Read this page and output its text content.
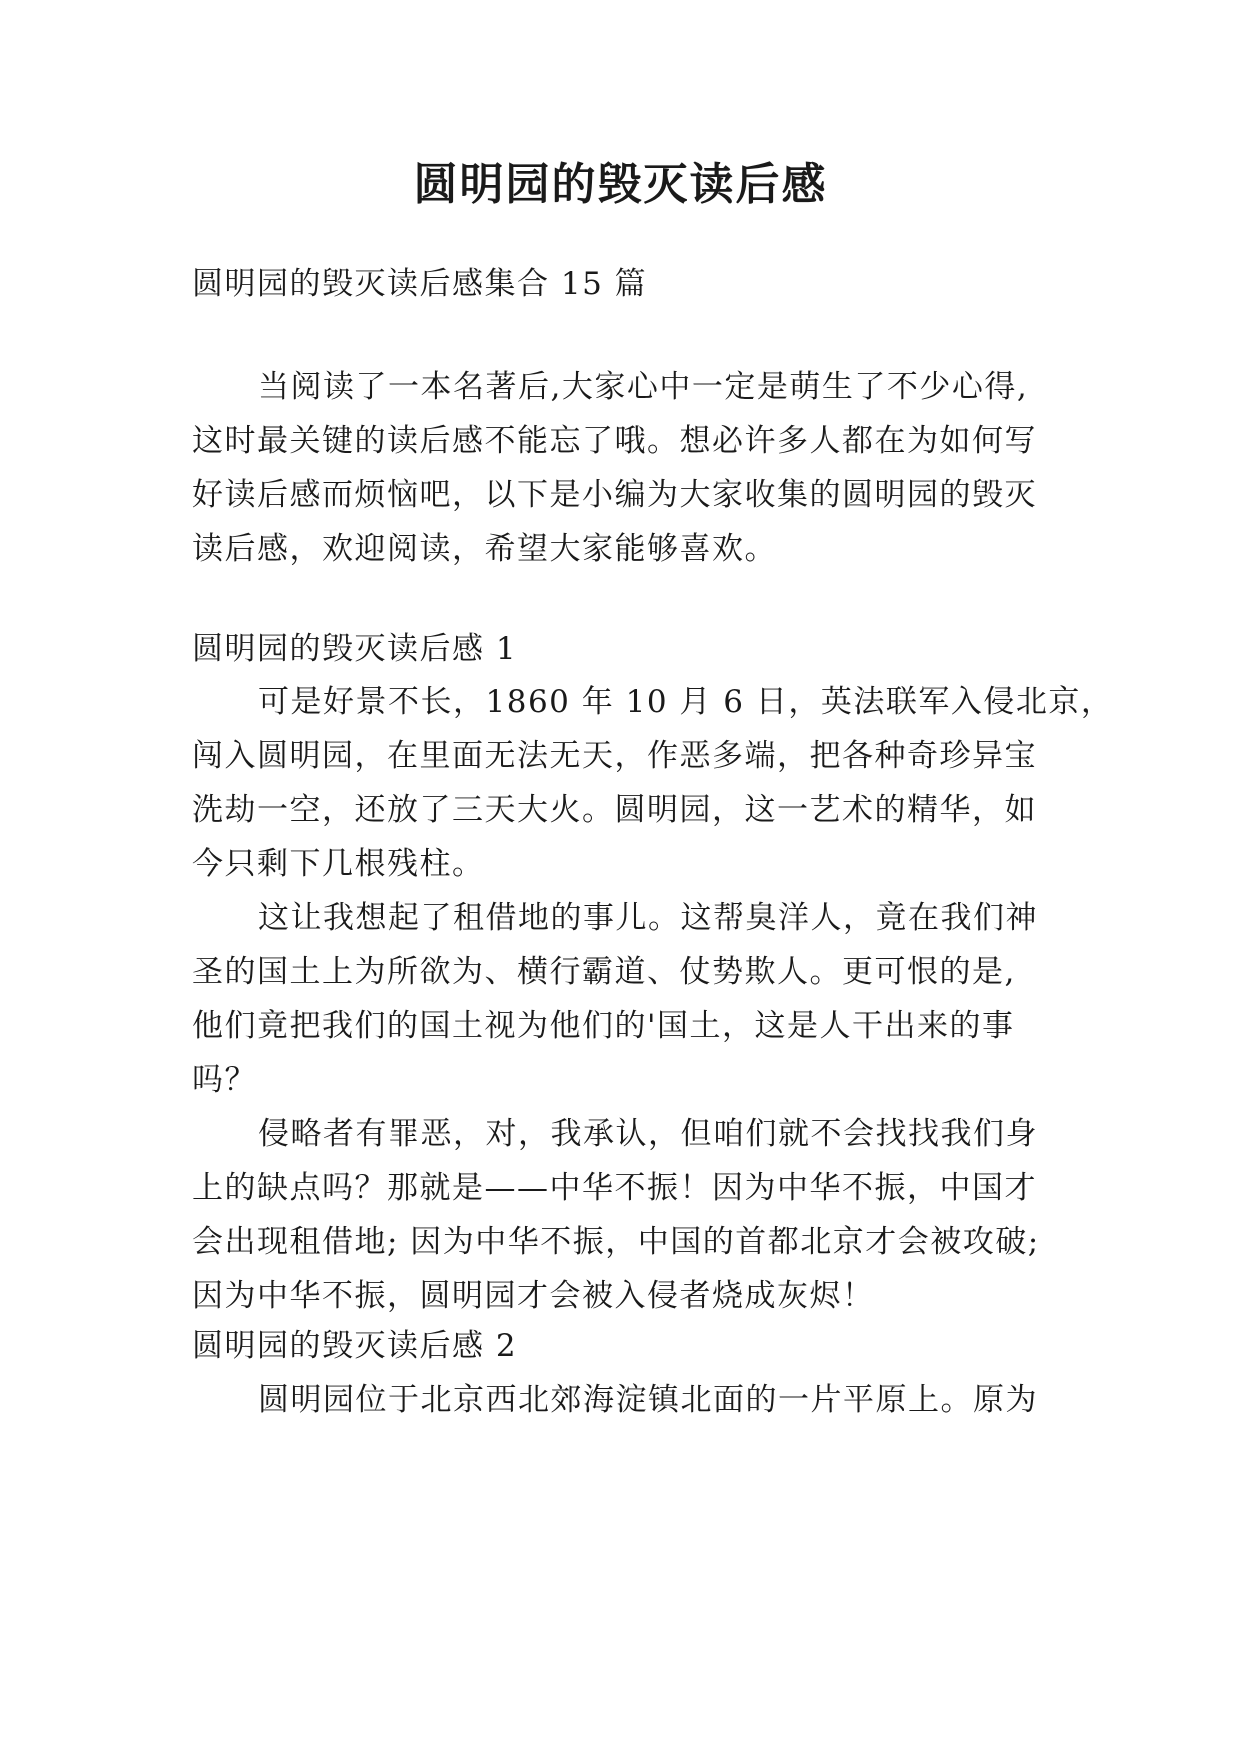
圆明园的毁灭读后感
圆明园的毁灭读后感集合 15 篇
当阅读了一本名著后,大家心中一定是萌生了不少心得,
这时最关键的读后感不能忘了哦。想必许多人都在为如何写
好读后感而烦恼吧，以下是小编为大家收集的圆明园的毁灭
读后感，欢迎阅读，希望大家能够喜欢。
圆明园的毁灭读后感 1
可是好景不长，1860 年 10 月 6 日，英法联军入侵北京，
闯入圆明园，在里面无法无天，作恶多端，把各种奇珍异宝
洗劫一空，还放了三天大火。圆明园，这一艺术的精华，如
今只剩下几根残柱。
这让我想起了租借地的事儿。这帮臭洋人，竟在我们神
圣的国土上为所欲为、横行霸道、仗势欺人。更可恨的是,
他们竟把我们的国土视为他们的'国土，这是人干出来的事
吗？
侵略者有罪恶，对，我承认，但咱们就不会找找我们身
上的缺点吗？那就是——中华不振！因为中华不振，中国才
会出现租借地; 因为中华不振，中国的首都北京才会被攻破;
因为中华不振，圆明园才会被入侵者烧成灰烬！
圆明园的毁灭读后感 2
圆明园位于北京西北郊海淀镇北面的一片平原上。原为
